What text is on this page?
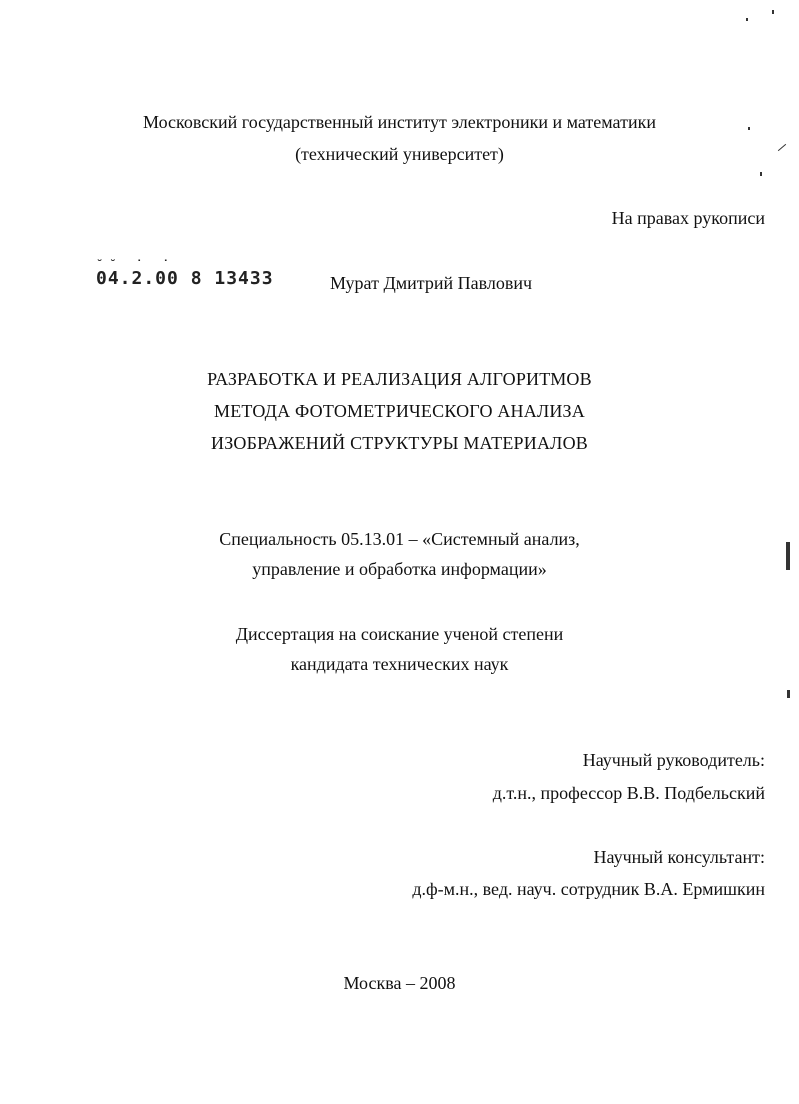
Московский государственный институт электроники и математики
(технический университет)
На правах рукописи
˘˘ ˙ ˙
04.2.00 8 13433	Мурат Дмитрий Павлович
РАЗРАБОТКА И РЕАЛИЗАЦИЯ АЛГОРИТМОВ
МЕТОДА ФОТОМЕТРИЧЕСКОГО АНАЛИЗА
ИЗОБРАЖЕНИЙ СТРУКТУРЫ МАТЕРИАЛОВ
Специальность 05.13.01 – «Системный анализ,
управление и обработка информации»
Диссертация на соискание ученой степени
кандидата технических наук
Научный руководитель:
д.т.н., профессор В.В. Подбельский
Научный консультант:
д.ф-м.н., вед. науч. сотрудник В.А. Ермишкин
Москва – 2008
